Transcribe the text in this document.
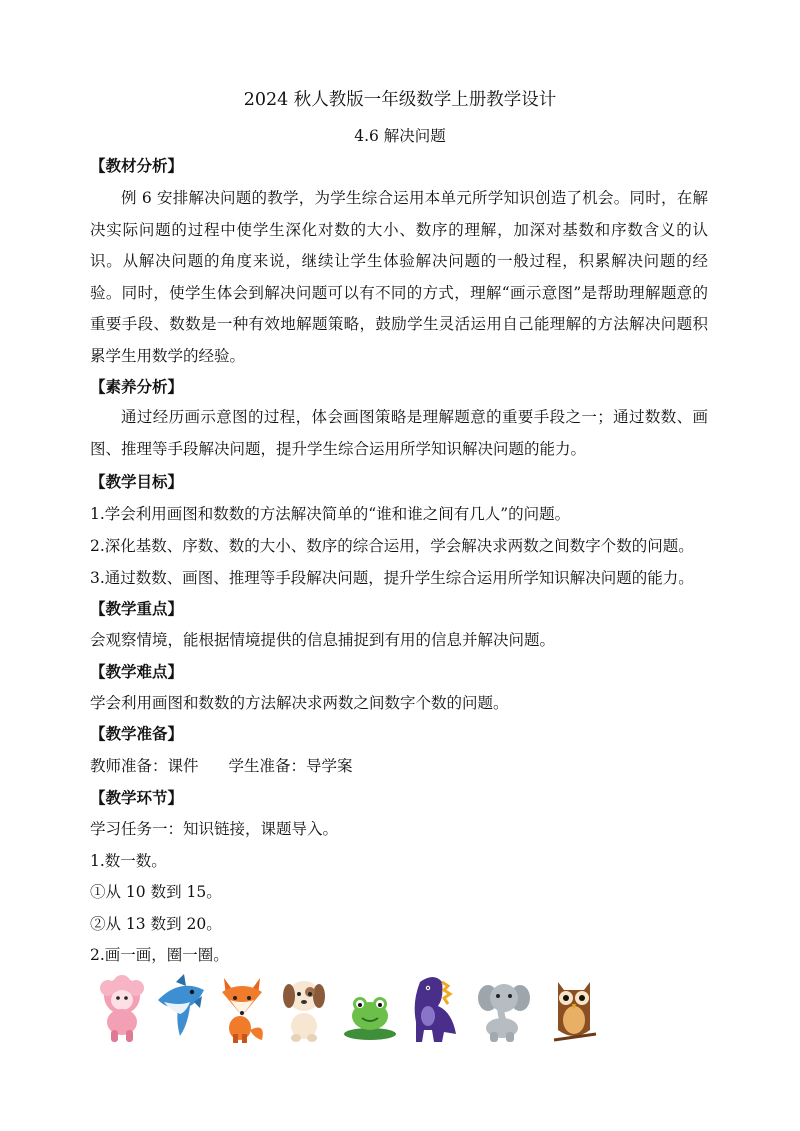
2024 秋人教版一年级数学上册教学设计
4.6 解决问题
【教材分析】

例 6 安排解决问题的教学，为学生综合运用本单元所学知识创造了机会。同时，在解决实际问题的过程中使学生深化对数的大小、数序的理解，加深对基数和序数含义的认识。从解决问题的角度来说，继续让学生体验解决问题的一般过程，积累解决问题的经验。同时，使学生体会到解决问题可以有不同的方式，理解“画示意图”是帮助理解题意的重要手段、数数是一种有效地解题策略，鼓励学生灵活运用自己能理解的方法解决问题积累学生用数学的经验。

【素养分析】

通过经历画示意图的过程，体会画图策略是理解题意的重要手段之一；通过数数、画图、推理等手段解决问题，提升学生综合运用所学知识解决问题的能力。

【教学目标】
1.学会利用画图和数数的方法解决简单的“谁和谁之间有几人”的问题。
2.深化基数、序数、数的大小、数序的综合运用，学会解决求两数之间数字个数的问题。
3.通过数数、画图、推理等手段解决问题，提升学生综合运用所学知识解决问题的能力。
【教学重点】
会观察情境，能根据情境提供的信息捕捉到有用的信息并解决问题。
【教学难点】
学会利用画图和数数的方法解决求两数之间数字个数的问题。
【教学准备】
教师准备：课件 学生准备：导学案
【教学环节】
学习任务一：知识链接，课题导入。
1.数一数。
①从 10 数到 15。
②从 13 数到 20。
2.画一画，圈一圈。
